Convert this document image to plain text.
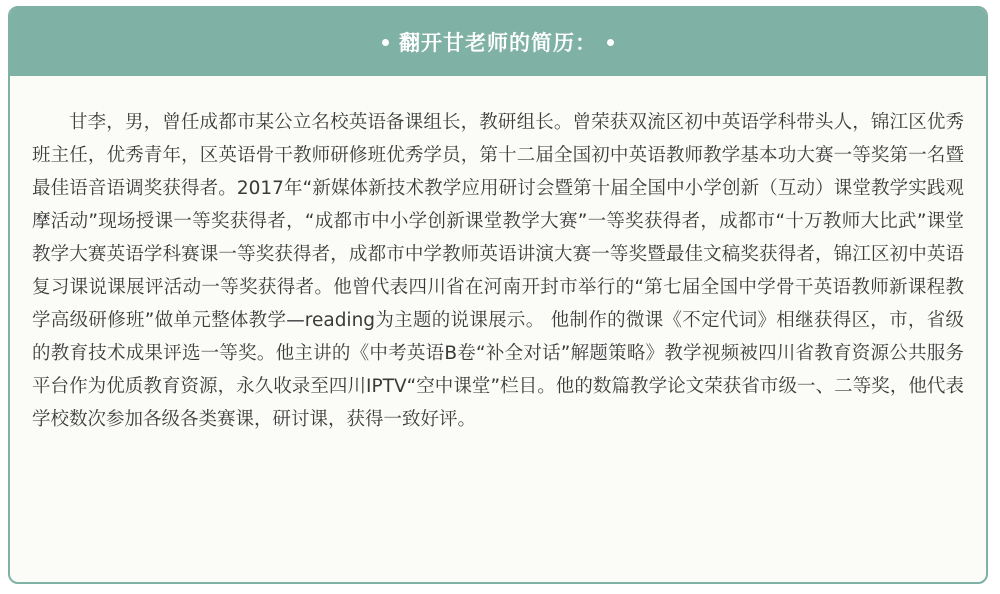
翻开甘老师的简历：

甘李，男，曾任成都市某公立名校英语备课组长，教研组长。曾荣获双流区初中英语学科带头人，锦江区优秀班主任，优秀青年，区英语骨干教师研修班优秀学员，第十二届全国初中英语教师教学基本功大赛一等奖第一名暨最佳语音语调奖获得者。2017年“新媒体新技术教学应用研讨会暨第十届全国中小学创新（互动）课堂教学实践观摩活动”现场授课一等奖获得者，“成都市中小学创新课堂教学大赛”一等奖获得者，成都市“十万教师大比武”课堂教学大赛英语学科赛课一等奖获得者，成都市中学教师英语讲演大赛一等奖暨最佳文稿奖获得者，锦江区初中英语复习课说课展评活动一等奖获得者。他曾代表四川省在河南开封市举行的“第七届全国中学骨干英语教师新课程教学高级研修班”做单元整体教学—reading为主题的说课展示。 他制作的微课《不定代词》相继获得区，市，省级的教育技术成果评选一等奖。他主讲的《中考英语B卷“补全对话”解题策略》教学视频被四川省教育资源公共服务平台作为优质教育资源，永久收录至四川IPTV“空中课堂”栏目。他的数篇教学论文荣获省市级一、二等奖，他代表学校数次参加各级各类赛课，研讨课，获得一致好评。
